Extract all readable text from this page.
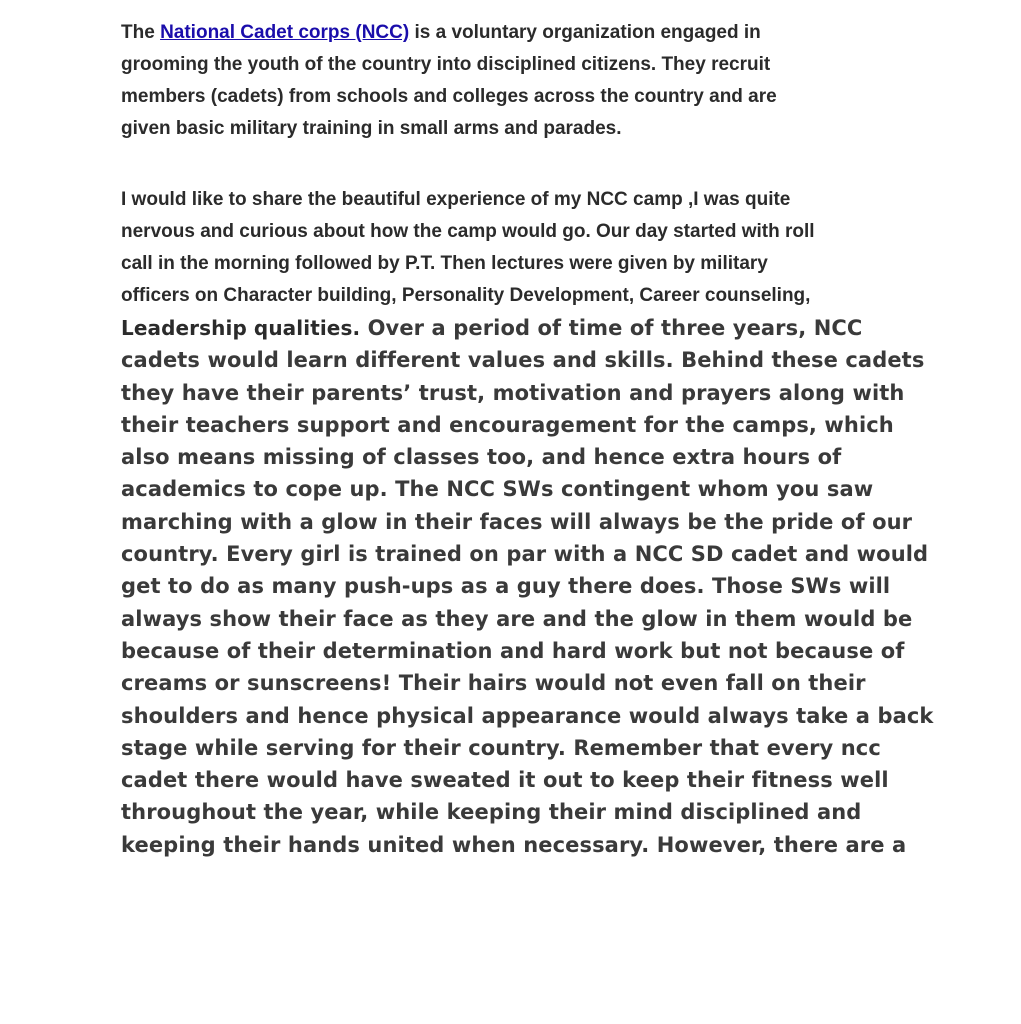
The National Cadet corps (NCC) is a voluntary organization engaged in
grooming the youth of the country into disciplined citizens. They recruit
members (cadets) from schools and colleges across the country and are
given basic military training in small arms and parades.

I would like to share the beautiful experience of my NCC camp ,I was quite
nervous and curious about how the camp would go. Our day started with roll
call in the morning followed by P.T. Then lectures were given by military
officers on Character building, Personality Development, Career counseling,
Leadership qualities. Over a period of time of three years, NCC
cadets would learn different values and skills. Behind these cadets
they have their parents’ trust, motivation and prayers along with
their teachers support and encouragement for the camps, which
also means missing of classes too, and hence extra hours of
academics to cope up. The NCC SWs contingent whom you saw
marching with a glow in their faces will always be the pride of our
country. Every girl is trained on par with a NCC SD cadet and would
get to do as many push-ups as a guy there does. Those SWs will
always show their face as they are and the glow in them would be
because of their determination and hard work but not because of
creams or sunscreens! Their hairs would not even fall on their
shoulders and hence physical appearance would always take a back
stage while serving for their country. Remember that every ncc
cadet there would have sweated it out to keep their fitness well
throughout the year, while keeping their mind disciplined and
keeping their hands united when necessary. However, there are a
